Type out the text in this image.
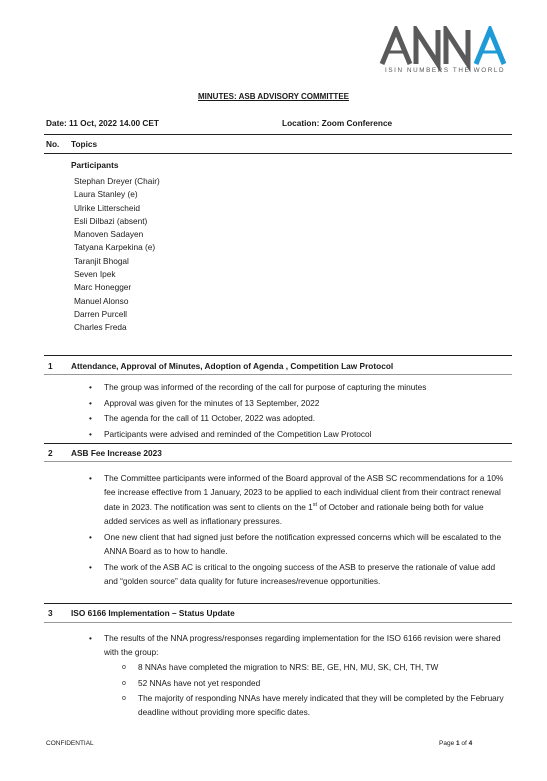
ISIN NUMBERS THE WORLD
MINUTES: ASB ADVISORY COMMITTEE
Date: 11 Oct, 2022 14.00 CET	Location: Zoom Conference
No. Topics
Participants
Stephan Dreyer (Chair)
Laura Stanley (e)
Ulrike Litterscheid
Esli Dilbazi (absent)
Manoven Sadayen
Tatyana Karpekina (e)
Taranjit Bhogal
Seven Ipek
Marc Honegger
Manuel Alonso
Darren Purcell
Charles Freda
1 Attendance, Approval of Minutes, Adoption of Agenda , Competition Law Protocol
• The group was informed of the recording of the call for purpose of capturing the minutes
• Approval was given for the minutes of 13 September, 2022
• The agenda for the call of 11 October, 2022 was adopted.
• Participants were advised and reminded of the Competition Law Protocol
2 ASB Fee Increase 2023
• The Committee participants were informed of the Board approval of the ASB SC recommendations for a 10% fee increase effective from 1 January, 2023 to be applied to each individual client from their contract renewal date in 2023. The notification was sent to clients on the 1st of October and rationale being both for value added services as well as inflationary pressures.
• One new client that had signed just before the notification expressed concerns which will be escalated to the ANNA Board as to how to handle.
• The work of the ASB AC is critical to the ongoing success of the ASB to preserve the rationale of value add and “golden source” data quality for future increases/revenue opportunities.
3 ISO 6166 Implementation – Status Update
• The results of the NNA progress/responses regarding implementation for the ISO 6166 revision were shared with the group:
o 8 NNAs have completed the migration to NRS: BE, GE, HN, MU, SK, CH, TH, TW
o 52 NNAs have not yet responded
o The majority of responding NNAs have merely indicated that they will be completed by the February deadline without providing more specific dates.
CONFIDENTIAL	Page 1 of 4
